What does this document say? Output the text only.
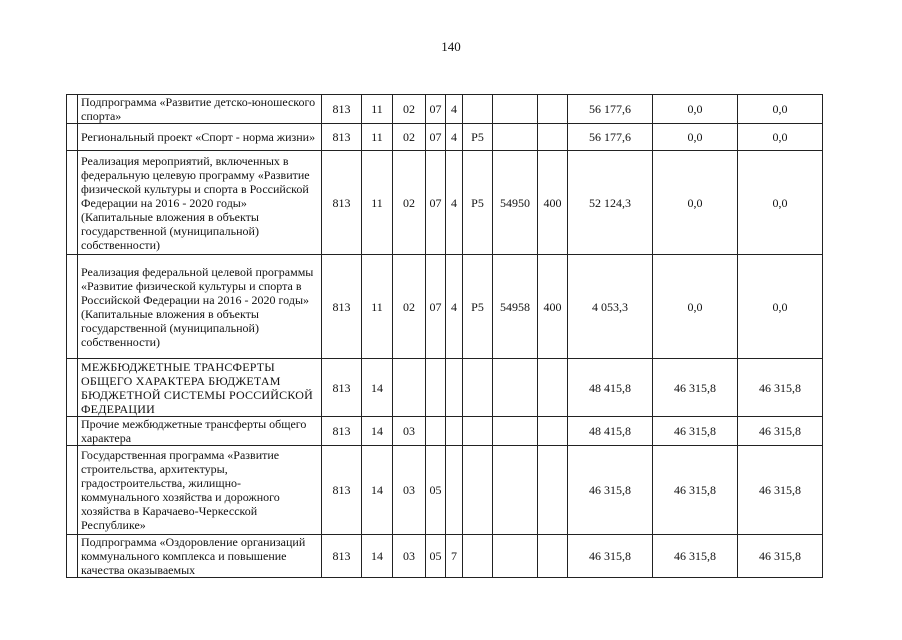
140
	Подпрограмма «Развитие детско-юношеского спорта»	813	11	02	07	4				56 177,6	0,0	0,0
	Региональный проект «Спорт - норма жизни»	813	11	02	07	4	P5			56 177,6	0,0	0,0
	Реализация мероприятий, включенных в федеральную целевую программу «Развитие физической культуры и спорта в Российской Федерации на 2016 - 2020 годы» (Капитальные вложения в объекты государственной (муниципальной) собственности)	813	11	02	07	4	P5	54950	400	52 124,3	0,0	0,0
	Реализация федеральной целевой программы «Развитие физической культуры и спорта в Российской Федерации на 2016 - 2020 годы» (Капитальные вложения в объекты государственной (муниципальной) собственности)	813	11	02	07	4	P5	54958	400	4 053,3	0,0	0,0
	МЕЖБЮДЖЕТНЫЕ ТРАНСФЕРТЫ ОБЩЕГО ХАРАКТЕРА БЮДЖЕТАМ БЮДЖЕТНОЙ СИСТЕМЫ РОССИЙСКОЙ ФЕДЕРАЦИИ	813	14							48 415,8	46 315,8	46 315,8
	Прочие межбюджетные трансферты общего характера	813	14	03						48 415,8	46 315,8	46 315,8
	Государственная программа «Развитие строительства, архитектуры, градостроительства, жилищно-коммунального хозяйства и дорожного хозяйства в Карачаево-Черкесской Республике»	813	14	03	05					46 315,8	46 315,8	46 315,8
	Подпрограмма «Оздоровление организаций коммунального комплекса и повышение качества оказываемых	813	14	03	05	7				46 315,8	46 315,8	46 315,8
